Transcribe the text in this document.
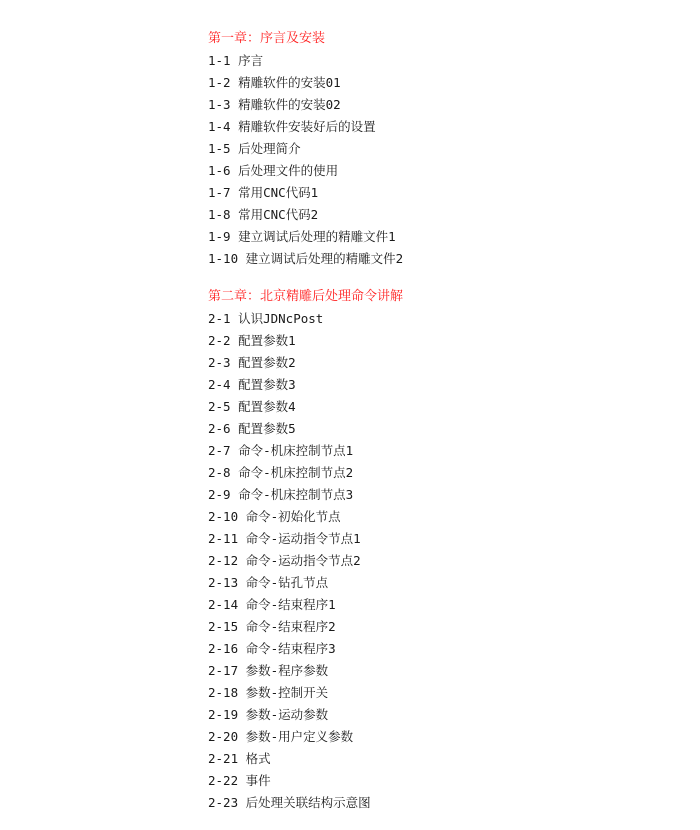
第一章：序言及安装
1-1 序言
1-2 精雕软件的安装01
1-3 精雕软件的安装02
1-4 精雕软件安装好后的设置
1-5 后处理简介
1-6 后处理文件的使用
1-7 常用CNC代码1
1-8 常用CNC代码2
1-9 建立调试后处理的精雕文件1
1-10 建立调试后处理的精雕文件2
第二章：北京精雕后处理命令讲解
2-1 认识JDNcPost
2-2 配置参数1
2-3 配置参数2
2-4 配置参数3
2-5 配置参数4
2-6 配置参数5
2-7 命令-机床控制节点1
2-8 命令-机床控制节点2
2-9 命令-机床控制节点3
2-10 命令-初始化节点
2-11 命令-运动指令节点1
2-12 命令-运动指令节点2
2-13 命令-钻孔节点
2-14 命令-结束程序1
2-15 命令-结束程序2
2-16 命令-结束程序3
2-17 参数-程序参数
2-18 参数-控制开关
2-19 参数-运动参数
2-20 参数-用户定义参数
2-21 格式
2-22 事件
2-23 后处理关联结构示意图
